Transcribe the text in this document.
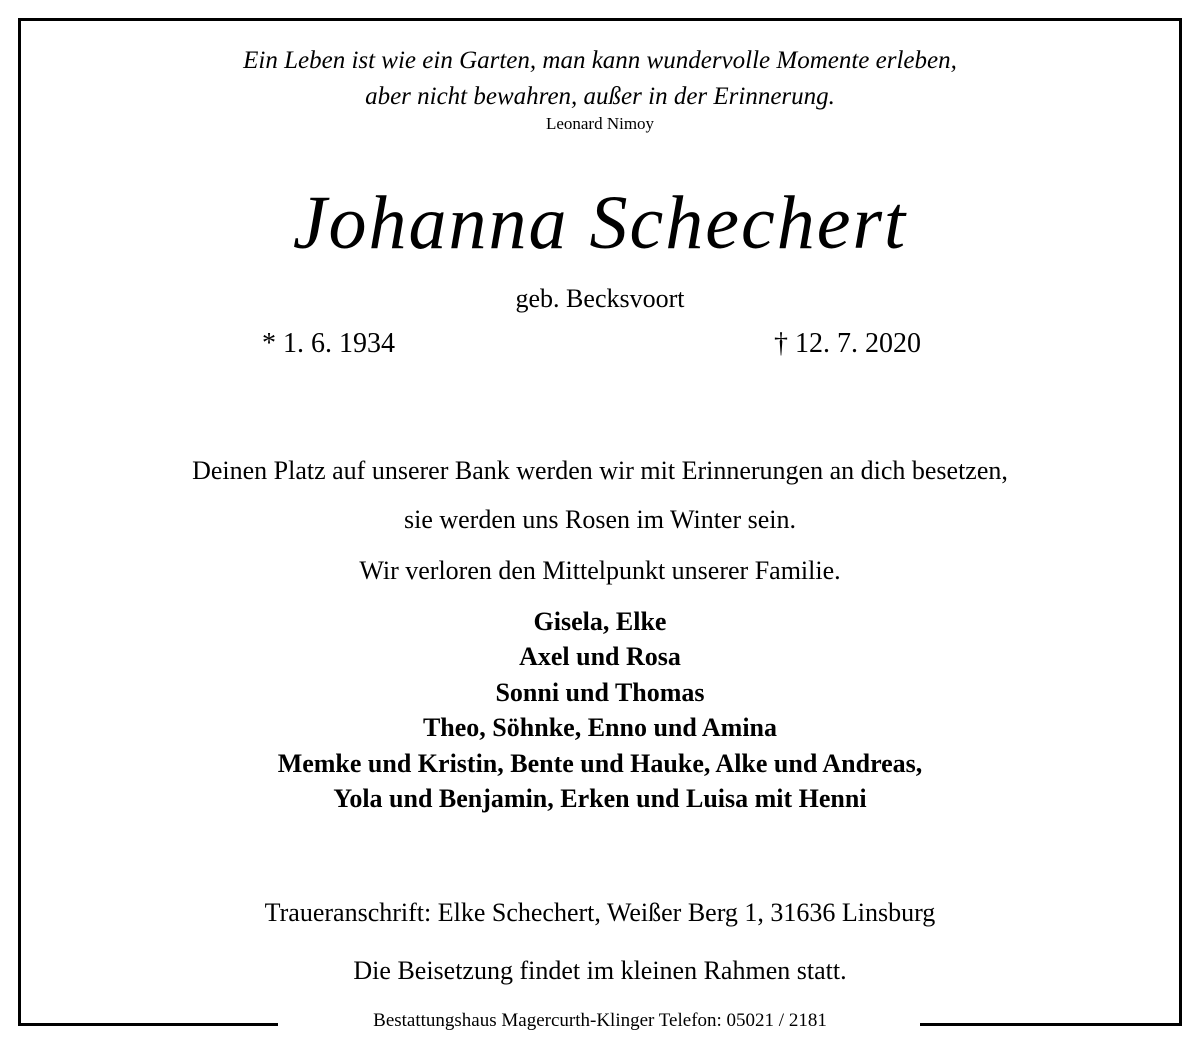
Ein Leben ist wie ein Garten, man kann wundervolle Momente erleben,
aber nicht bewahren, außer in der Erinnerung.
Leonard Nimoy
Johanna Schechert
geb. Becksvoort
* 1. 6. 1934	† 12. 7. 2020
Deinen Platz auf unserer Bank werden wir mit Erinnerungen an dich besetzen,
sie werden uns Rosen im Winter sein.
Wir verloren den Mittelpunkt unserer Familie.
Gisela, Elke
Axel und Rosa
Sonni und Thomas
Theo, Söhnke, Enno und Amina
Memke und Kristin, Bente und Hauke, Alke und Andreas,
Yola und Benjamin, Erken und Luisa mit Henni
Traueranschrift: Elke Schechert, Weißer Berg 1, 31636 Linsburg
Die Beisetzung findet im kleinen Rahmen statt.
Bestattungshaus Magercurth-Klinger Telefon: 05021 / 2181
